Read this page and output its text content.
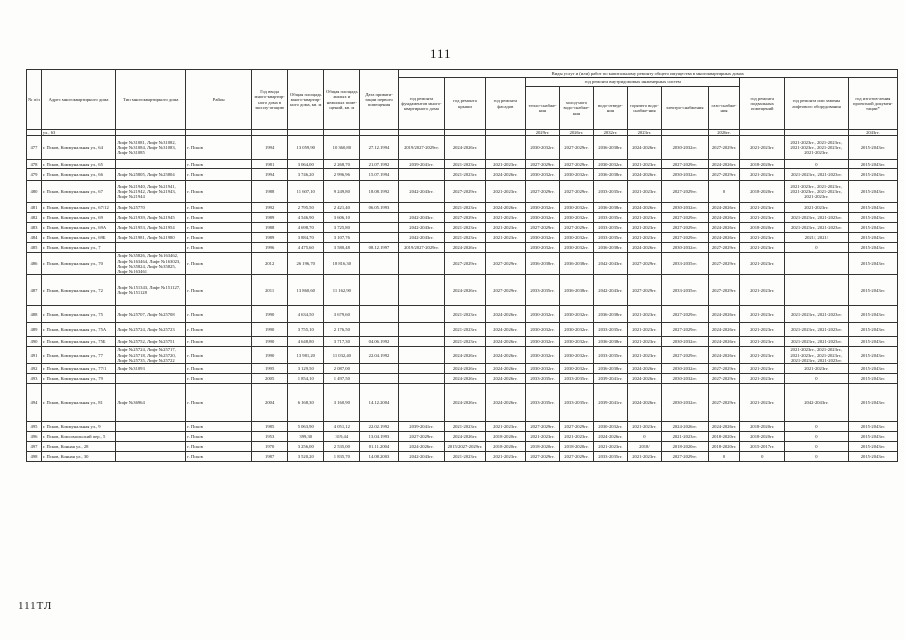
111
№ п/п	Адрес многоквартирного дома	Тип многоквартирного дома	Район	Год ввода много-квартир-ного дома в эксплу-атацию	Общая площадь много-квартир-ного дома, кв. м	Общая площадь жилых и нежилых поме-щений, кв. м	Дата привати-зации первого помещения	Виды услуг и (или) работ по капитальному ремонту общего имущества в многоквартирных домах											
								год ремонта фундаментов много-квартирного дома	год ремонта крыши	год ремонта фасадов	год ремонта внутридомовых инженерных систем						год ремонта подвальных помещений	год ремонта или замены лифтового оборудования	год изготов-ления проектной докумен-тации*
											тепло-снабже-ния	холод-ного водо-снабже-ния	водо-отведе-ния	горячего водо-снабже-ния	электро-снабжения	газо-снабже-ния			
	ул., 63										2029гг.	2026гг.	2032гг.	2023гг.		2026гг.			2043гг.
477	г. Псков, Коммунальная ул., 64	Лифт №31081, Лифт №31082, Лифт №31084, Лифт №31083, Лифт №31085	г. Псков	1994	13 059,90	10 360,80	27.12.1994	2019/2027-2029гг.	2024-2026гг.		2030-2032гг.	2027-2029гг.	2036-2038гг.	2024-2026гг.	2030-2032гг.	2027-2029гг.	2021-2023гг.	2021-2023гг., 2021-2023гг., 2021-2023гг., 2021-2023гг., 2021-2023гг.	2015-2043гг.
478	г. Псков, Коммунальная ул., 65		г. Псков	1981	3 064,00	2 268,70	21.07.1992	2039-2041гг.	2021-2023гг.	2021-2023гг.	2027-2029гг.	2027-2029гг.	2030-2032гг.	2021-2023гг.	2027-2029гг.	2024-2026гг.	2018-2020гг.	0	2015-2043гг.
479	г. Псков, Коммунальная ул., 66	Лифт №25805, Лифт №25804	г. Псков	1994	3 746,20	2 996,96	15.07.1994		2021-2023гг.	2024-2026гг.	2030-2032гг.	2030-2032гг.	2036-2038гг.	2024-2026гг.	2030-2032гг.	2027-2029гг.	2021-2023гг.	2021-2023гг., 2021-2023гг.	2015-2043гг.
480	г. Псков, Коммунальная ул., 67	Лифт №21940, Лифт №21941, Лифт №21942, Лифт №21943, Лифт №21944	г. Псков	1988	11 607,10	9 249,80	18.08.1992	2042-2043гг.	2027-2029гг.	2021-2023гг.	2027-2029гг.	2027-2029гг.	2033-2035гг.	2021-2023гг.	2027-2029гг.	0	2018-2020гг.	2021-2023гг., 2021-2023гг., 2021-2023гг., 2021-2023гг., 2021-2023гг.	2015-2043гг.
481	г. Псков, Коммунальная ул., 67/12	Лифт №25770	г. Псков	1992	2 795,50	2 421,40	06.05.1993		2021-2023гг.	2024-2026гг.	2030-2032гг.	2030-2032гг.	2036-2038гг.	2024-2026гг.	2030-2032гг.	2024-2026гг.	2021-2023гг.	2021-2023гг.	2015-2043гг.
482	г. Псков, Коммунальная ул., 69	Лифт №21939, Лифт №21945	г. Псков	1989	4 546,90	3 606,10		2042-2043гг.	2027-2029гг.	2021-2023гг.	2030-2032гг.	2030-2032гг.	2033-2035гг.	2021-2023гг.	2027-2029гг.	2024-2026гг.	2021-2023гг.	2021-2023гг., 2021-2023гг.	2015-2043гг.
483	г. Псков, Коммунальная ул., 69А	Лифт №21953, Лифт №21954	г. Псков	1988	4 698,70	3 725,80		2042-2043гг.	2021-2023гг.	2021-2023гг.	2027-2029гг.	2027-2029гг.	2033-2035гг.	2021-2023гг.	2027-2029гг.	2024-2026гг.	2018-2020гг.	2021-2023гг., 2021-2023гг.	2015-2043гг.
484	г. Псков, Коммунальная ул., 69Б	Лифт №21981, Лифт №21980	г. Псков	1989	3 884,70	3 107,76		2042-2043гг.	2021-2023гг.	2021-2023гг.	2030-2032гг.	2030-2032гг.	2033-2035гг.	2021-2023гг.	2027-2029гг.	2024-2026гг.	2021-2023гг.	2021/, 2021/	2015-2043гг.
485	г. Псков, Коммунальная ул., 7		г. Псков	1996	4 475,60	3 580,48	08.12.1997	2019/2027-2029гг.	2024-2026гг.		2030-2032гг.	2030-2032гг.	2036-2038гг.	2024-2026гг.	2030-2032гг.	2027-2029гг.	2021-2023гг.	0	2015-2043гг.
486	г. Псков, Коммунальная ул., 70	Лифт №35826, Лифт №163462, Лифт №163464, Лифт №163023, Лифт №35824, Лифт №35825, Лифт №163461	г. Псков	2012	26 196,70	18 816,30			2027-2029гг.	2027-2029гг.	2036-2038гг.	2036-2038гг.	2042-2043гг.	2027-2029гг.	2033-2035гг.	2027-2029гг.	2021-2023гг.		2015-2043гг.
487	г. Псков, Коммунальная ул., 72	Лифт №151343, Лифт №151127, Лифт №151128	г. Псков	2011	13 860,60	11 162,90			2024-2026гг.	2027-2029гг.	2033-2035гг.	2036-2038гг.	2042-2043гг.	2027-2029гг.	2033-2035гг.	2027-2029гг.	2021-2023гг.		2015-2043гг.
488	г. Псков, Коммунальная ул., 75	Лифт №25707, Лифт №25708	г. Псков	1990	4 634,50	3 679,60			2021-2023гг.	2024-2026гг.	2030-2032гг.	2030-2032гг.	2036-2038гг.	2021-2023гг.	2027-2029гг.	2024-2026гг.	2021-2023гг.	2021-2023гг., 2021-2023гг.	2015-2043гг.
489	г. Псков, Коммунальная ул., 75А	Лифт №25724, Лифт №25723	г. Псков	1990	3 755,10	2 176,50			2021-2023гг.	2024-2026гг.	2030-2032гг.	2030-2032гг.	2033-2035гг.	2021-2023гг.	2027-2029гг.	2024-2026гг.	2021-2023гг.	2021-2023гг., 2021-2023гг.	2015-2043гг.
490	г. Псков, Коммунальная ул., 75Б	Лифт №25752, Лифт №25751	г. Псков	1990	4 648,80	3 717,30	04.06.1992		2021-2023гг.	2024-2026гг.	2030-2032гг.	2030-2032гг.	2036-2038гг.	2021-2023гг.	2030-2032гг.	2024-2026гг.	2021-2023гг.	2021-2023гг., 2021-2023гг.	2015-2043гг.
491	г. Псков, Коммунальная ул., 77	Лифт №25724, Лифт №25717, Лифт №25718, Лифт №25720, Лифт №25735, Лифт №25722	г. Псков	1990	13 981,20	11 032,40	22.04.1992		2024-2026гг.	2024-2026гг.	2030-2032гг.	2030-2032гг.	2033-2035гг.	2021-2023гг.	2027-2029гг.	2024-2026гг.	2021-2023гг.	2021-2023гг., 2021-2023гг., 2021-2023гг., 2021-2023гг., 2021-2023гг., 2021-2023гг.	2015-2043гг.
492	г. Псков, Коммунальная ул., 77/1	Лифт №31093	г. Псков	1995	3 129,50	2 087,00			2024-2026гг.	2024-2026гг.	2030-2032гг.	2030-2032гг.	2036-2038гг.	2024-2026гг.	2030-2032гг.	2027-2029гг.	2021-2023гг.	2021-2023гг.	2015-2043гг.
493	г. Псков, Коммунальная ул., 79		г. Псков	2005	1 854,10	1 497,50			2024-2026гг.	2024-2026гг.	2033-2035гг.	2033-2035гг.	2039-2041гг.	2024-2026гг.	2030-2032гг.	2027-2029гг.	2021-2023гг.	0	2015-2043гг.
494	г. Псков, Коммунальная ул., 81	Лифт №36964	г. Псков	2004	6 168,30	3 160,90	14.12.2004		2024-2026гг.	2024-2026гг.	2033-2035гг.	2033-2035гг.	2039-2041гг.	2024-2026гг.	2030-2032гг.	2027-2029гг.	2021-2023гг.	2042-2043гг.	2015-2043гг.
495	г. Псков, Коммунальная ул., 9		г. Псков	1985	5 063,90	4 051,12	22.02.1992	2039-2041гг.	2021-2023гг.	2021-2023гг.	2027-2029гг.	2027-2029гг.	2030-2032гг.	2021-2023гг.	2024-2026гг.	2024-2026гг.	2018-2020гг.	0	2015-2043гг.
496	г. Псков, Комсомольский пер., 5		г. Псков	1953	399,30	319,44	13.04.1993	2027-2029гг.	2024-2026гг.	2018-2020гг.	2021-2023гг.	2021-2023гг.	2024-2026гг.	0	2021-2023гг.	2018-2020гг.	2018-2020гг.	0	2015-2043гг.
497	г. Псков, Конная ул., 28		г. Псков	1970	3 256,00	2 535,00	01.11.2004	2024-2026гг.	2015/2027-2029гг.	2018-2020гг.	2018-2020гг.	2018-2020гг.	2021-2023гг.	2018/	2018-2020гг.	2018-2020гг.	2015-2017гг.	0	2015-2043гг.
498	г. Псков, Конная ул., 30		г. Псков	1987	3 520,20	1 835,70	14.08.2003	2042-2043гг.	2021-2023гг.	2021-2023гг.	2027-2029гг.	2027-2029гг.	2033-2035гг.	2021-2023гг.	2027-2029гг.	0	0	0	2015-2043гг.
111ТЛ
